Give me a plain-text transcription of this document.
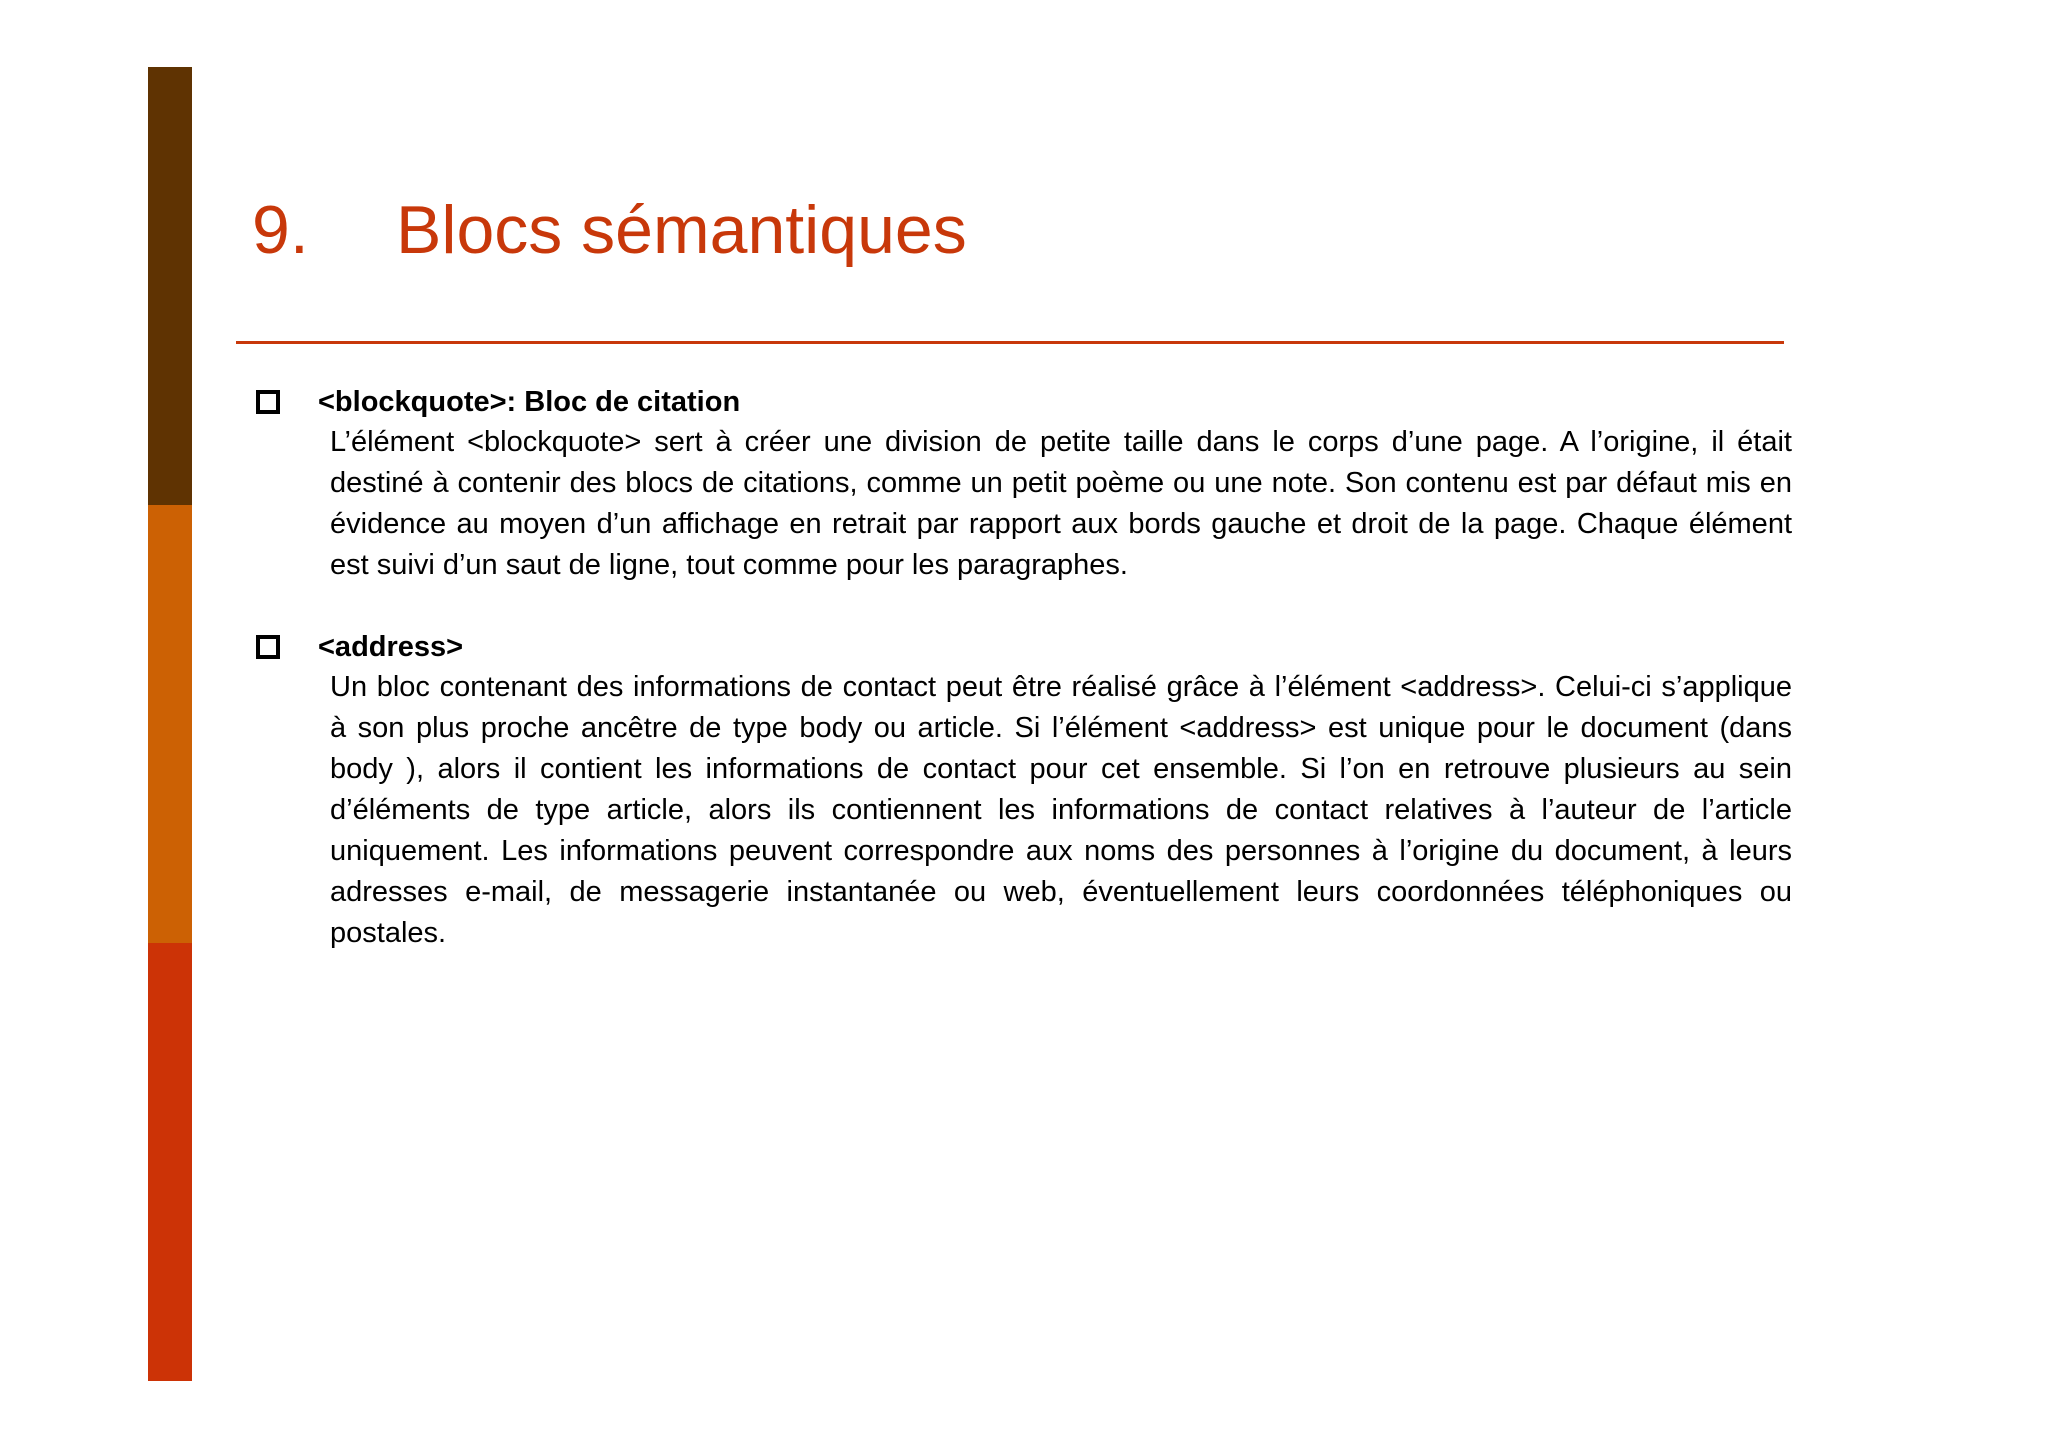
9. Blocs sémantiques
<blockquote>: Bloc de citation
L’élément <blockquote> sert à créer une division de petite taille dans le corps d’une page. A l’origine, il était destiné à contenir des blocs de citations, comme un petit poème ou une note. Son contenu est par défaut mis en évidence au moyen d’un affichage en retrait par rapport aux bords gauche et droit de la page. Chaque élément est suivi d’un saut de ligne, tout comme pour les paragraphes.
<address>
Un bloc contenant des informations de contact peut être réalisé grâce à l’élément <address>. Celui-ci s’applique à son plus proche ancêtre de type body ou article. Si l’élément <address> est unique pour le document (dans body ), alors il contient les informations de contact pour cet ensemble. Si l’on en retrouve plusieurs au sein d’éléments de type article, alors ils contiennent les informations de contact relatives à l’auteur de l’article uniquement. Les informations peuvent correspondre aux noms des personnes à l’origine du document, à leurs adresses e-mail, de messagerie instantanée ou web, éventuellement leurs coordonnées téléphoniques ou postales.
